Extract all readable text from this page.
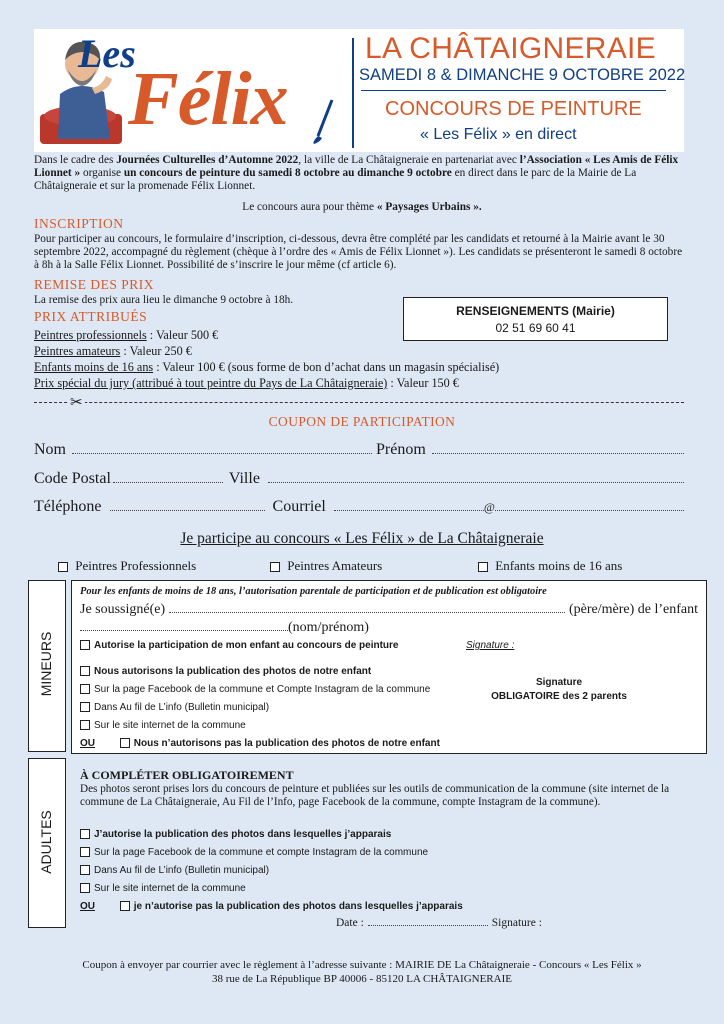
Les
Félix
LA CHÂTAIGNERAIE
SAMEDI 8 & DIMANCHE 9 OCTOBRE 2022
CONCOURS DE PEINTURE
« Les Félix » en direct
Dans le cadre des Journées Culturelles d’Automne 2022, la ville de La Châtaigneraie en partenariat avec l’Association « Les Amis de Félix Lionnet » organise un concours de peinture du samedi 8 octobre au dimanche 9 octobre en direct dans le parc de la Mairie de La Châtaigneraie et sur la promenade Félix Lionnet.
Le concours aura pour thème « Paysages Urbains ».
INSCRIPTION
Pour participer au concours, le formulaire d’inscription, ci-dessous, devra être complété par les candidats et retourné à la Mairie avant le 30 septembre 2022, accompagné du règlement (chèque à l’ordre des « Amis de Félix Lionnet »). Les candidats se présenteront le samedi 8 octobre à 8h à la Salle Félix Lionnet. Possibilité de s’inscrire le jour même (cf article 6).
REMISE DES PRIX
La remise des prix aura lieu le dimanche 9 octobre à 18h.
RENSEIGNEMENTS (Mairie)
02 51 69 60 41
PRIX ATTRIBUÉS
Peintres professionnels : Valeur 500 €
Peintres amateurs : Valeur 250 €
Enfants moins de 16 ans : Valeur 100 € (sous forme de bon d’achat dans un magasin spécialisé)
Prix spécial du jury (attribué à tout peintre du Pays de La Châtaigneraie) : Valeur 150 €
✂
COUPON DE PARTICIPATION
Nom	Prénom
Code Postal	Ville
Téléphone	Courriel	@
Je participe au concours « Les Félix » de La Châtaigneraie
Peintres Professionnels	Peintres Amateurs	Enfants moins de 16 ans
MINEURS
Pour les enfants de moins de 18 ans, l’autorisation parentale de participation et de publication est obligatoire
Je soussigné(e)	(père/mère) de l’enfant
(nom/prénom)
Autorise la participation de mon enfant au concours de peinture	Signature :
Nous autorisons la publication des photos de notre enfant
Sur la page Facebook de la commune et Compte Instagram de la commune
Dans Au fil de L’info (Bulletin municipal)
Sur le site internet de la commune
OU	Nous n’autorisons pas la publication des photos de notre enfant
Signature
OBLIGATOIRE des 2 parents
ADULTES
À COMPLÉTER OBLIGATOIREMENT
Des photos seront prises lors du concours de peinture et publiées sur les outils de communication de la commune (site internet de la commune de La Châtaigneraie, Au Fil de l’Info, page Facebook de la commune, compte Instagram de la commune).
J’autorise la publication des photos dans lesquelles j’apparais
Sur la page Facebook de la commune et compte Instagram de la commune
Dans Au fil de L’info (Bulletin municipal)
Sur le site internet de la commune
OU	je n’autorise pas la publication des photos dans lesquelles j’apparais
Date :	Signature :
Coupon à envoyer par courrier avec le règlement à l’adresse suivante : MAIRIE DE La Châtaigneraie - Concours « Les Félix »
38 rue de La République BP 40006 - 85120 LA CHÂTAIGNERAIE
